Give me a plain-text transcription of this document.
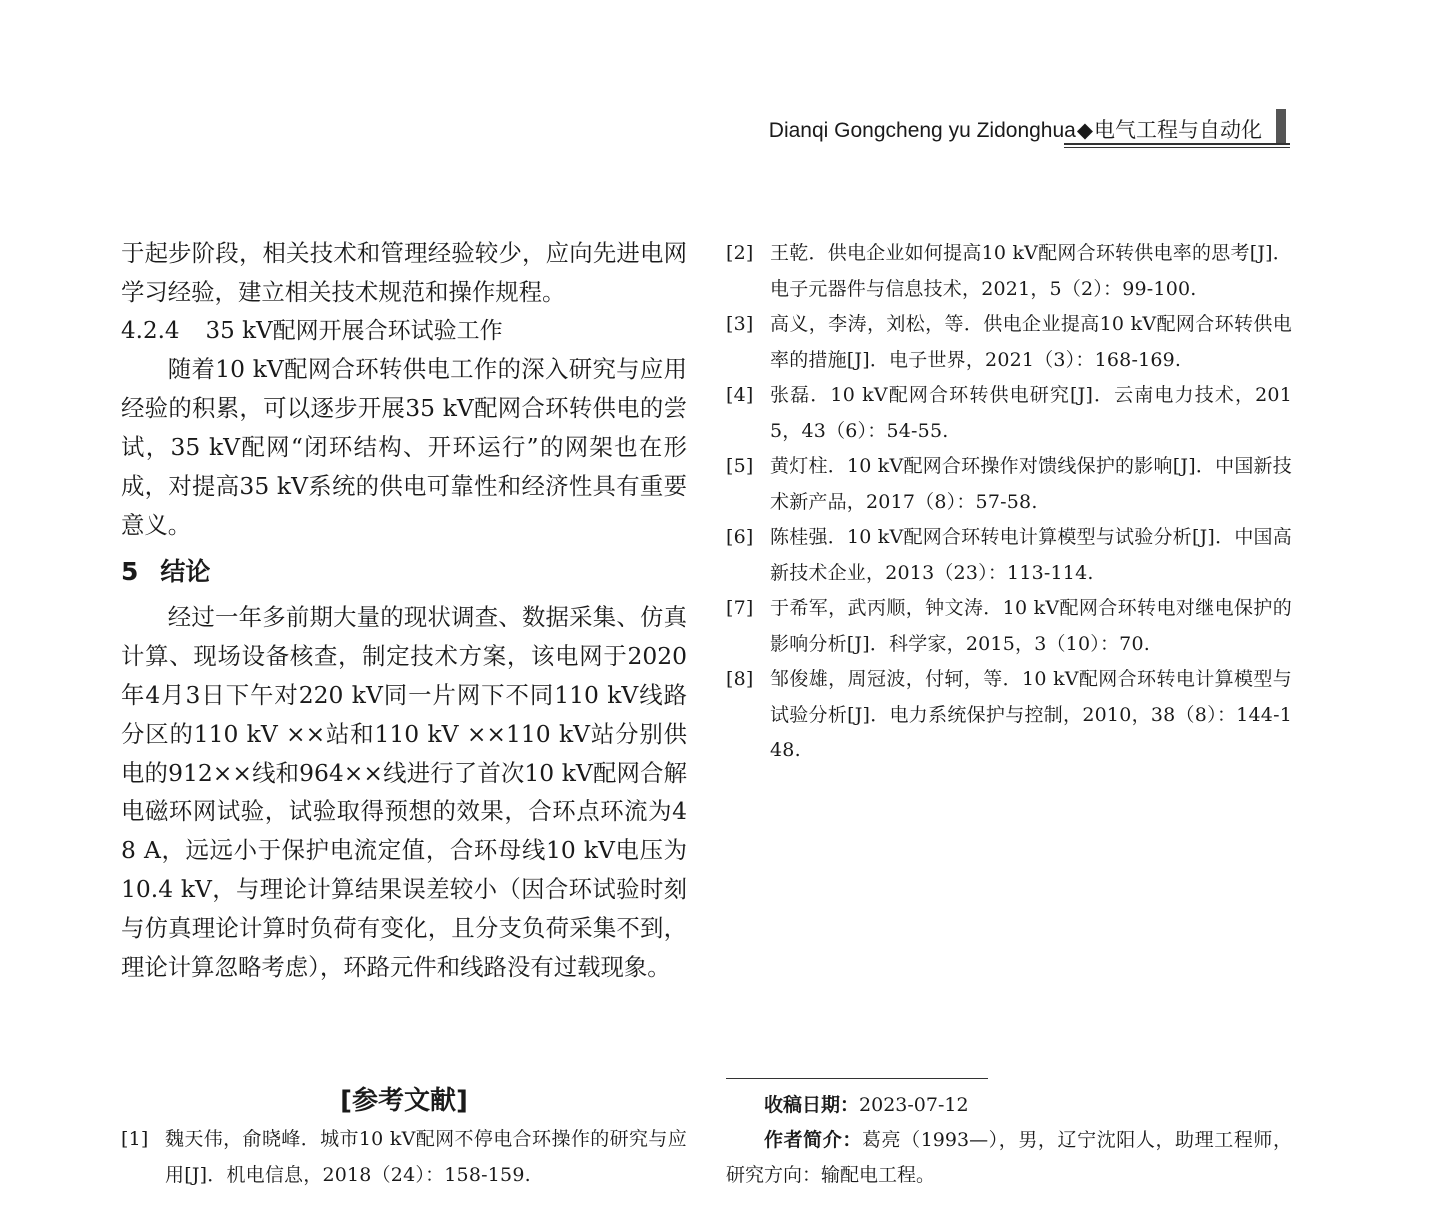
Dianqi Gongcheng yu Zidonghua◆电气工程与自动化

于起步阶段，相关技术和管理经验较少，应向先进电网学习经验，建立相关技术规范和操作规程。

4.2.4 35 kV配网开展合环试验工作

随着10 kV配网合环转供电工作的深入研究与应用经验的积累，可以逐步开展35 kV配网合环转供电的尝试，35 kV配网“闭环结构、开环运行”的网架也在形成，对提高35 kV系统的供电可靠性和经济性具有重要意义。

5 结论

经过一年多前期大量的现状调查、数据采集、仿真计算、现场设备核查，制定技术方案，该电网于2020年4月3日下午对220 kV同一片网下不同110 kV线路分区的110 kV ××站和110 kV ××110 kV站分别供电的912××线和964××线进行了首次10 kV配网合解电磁环网试验，试验取得预想的效果，合环点环流为48 A，远远小于保护电流定值，合环母线10 kV电压为10.4 kV，与理论计算结果误差较小（因合环试验时刻与仿真理论计算时负荷有变化，且分支负荷采集不到，理论计算忽略考虑），环路元件和线路没有过载现象。

[参考文献]
[1] 魏天伟，俞晓峰．城市10 kV配网不停电合环操作的研究与应用[J]．机电信息，2018（24）：158-159.
[2] 王乾．供电企业如何提高10 kV配网合环转供电率的思考[J]．电子元器件与信息技术，2021，5（2）：99-100.
[3] 高义，李涛，刘松，等．供电企业提高10 kV配网合环转供电率的措施[J]．电子世界，2021（3）：168-169.
[4] 张磊．10 kV配网合环转供电研究[J]．云南电力技术，2015，43（6）：54-55.
[5] 黄灯柱．10 kV配网合环操作对馈线保护的影响[J]．中国新技术新产品，2017（8）：57-58.
[6] 陈桂强．10 kV配网合环转电计算模型与试验分析[J]．中国高新技术企业，2013（23）：113-114.
[7] 于希军，武丙顺，钟文涛．10 kV配网合环转电对继电保护的影响分析[J]．科学家，2015，3（10）：70.
[8] 邹俊雄，周冠波，付轲，等．10 kV配网合环转电计算模型与试验分析[J]．电力系统保护与控制，2010，38（8）：144-148.

收稿日期：2023-07-12

作者简介：葛亮（1993—），男，辽宁沈阳人，助理工程师，研究方向：输配电工程。
